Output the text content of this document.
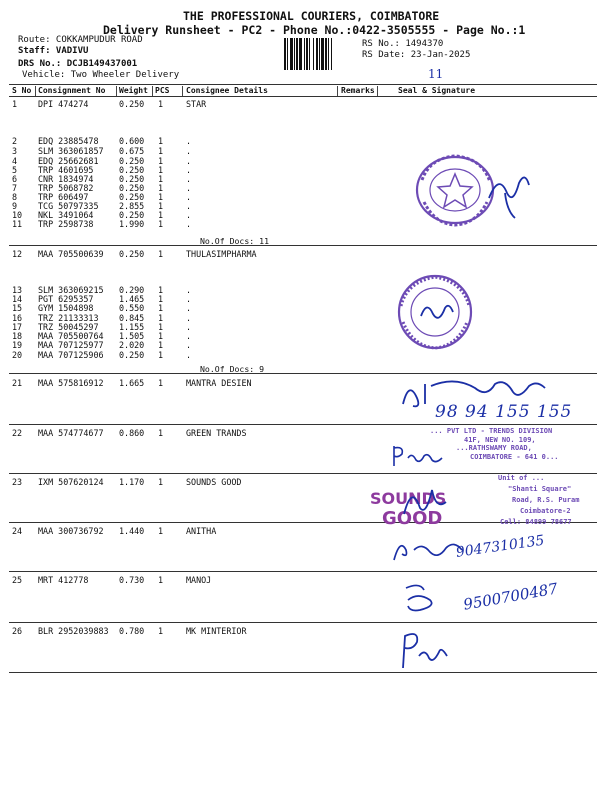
THE PROFESSIONAL COURIERS, COIMBATORE
Delivery Runsheet - PC2 - Phone No.:0422-3505555 - Page No.:1
Route: COKKAMPUDUR ROAD
Staff: VADIVU
DRS No.: DCJB149437001
Vehicle: Two Wheeler Delivery
RS No.: 1494370
RS Date: 23-Jan-2025
11
S No Consignment No Weight PCS Consignee Details	Remarks	Seal & Signature
1 DPI 474274	0.250 1	STAR
2 EDQ 23885478 0.600 1	.
3 SLM 363061857 0.675 1	.
4 EDQ 25662681 0.250 1	.
5 TRP 4601695	0.250 1	.
6 CNR 1834974	0.250 1	.
7 TRP 5068782	0.250 1	.
8 TRP 606497	0.250 1	.
9 TCG 50797335 2.855 1	.
10 NKL 3491064	0.250 1	.
11 TRP 2598738	1.990 1	.
12 MAA 705500639 0.250 1	THULASIMPHARMA
13 SLM 363069215 0.290 1	.
14 PGT 6295357	1.465 1	.
15 GYM 1504898	0.550 1	.
16 TRZ 21133313 0.845 1	.
17 TRZ 50045297 1.155 1	.
18 MAA 705500764 1.505 1	.
19 MAA 707125977 2.020 1	.
20 MAA 707125906 0.250 1	.
21 MAA 575816912 1.665 1	MANTRA DESIEN
22 MAA 574774677 0.860 1	GREEN TRANDS
23 IXM 507620124 1.170 1	SOUNDS GOOD
24 MAA 300736792 1.440 1	ANITHA
25 MRT 412778	0.730 1	MANOJ
26 BLR 2952039883 0.780 1	MK MINTERIOR
No.Of Docs: 11
No.Of Docs: 9
98 94 155 155
... PVT LTD - TRENDS DIVISION
41F, NEW NO. 109,
...RATHSWAMY ROAD,
COIMBATORE - 641 0...
SOUNDS
GOOD
Unit of ...
"Shanti Square"
Road, R.S. Puram
Coimbatore-2
Cell: 84899 78677
9047310135
9500700487
